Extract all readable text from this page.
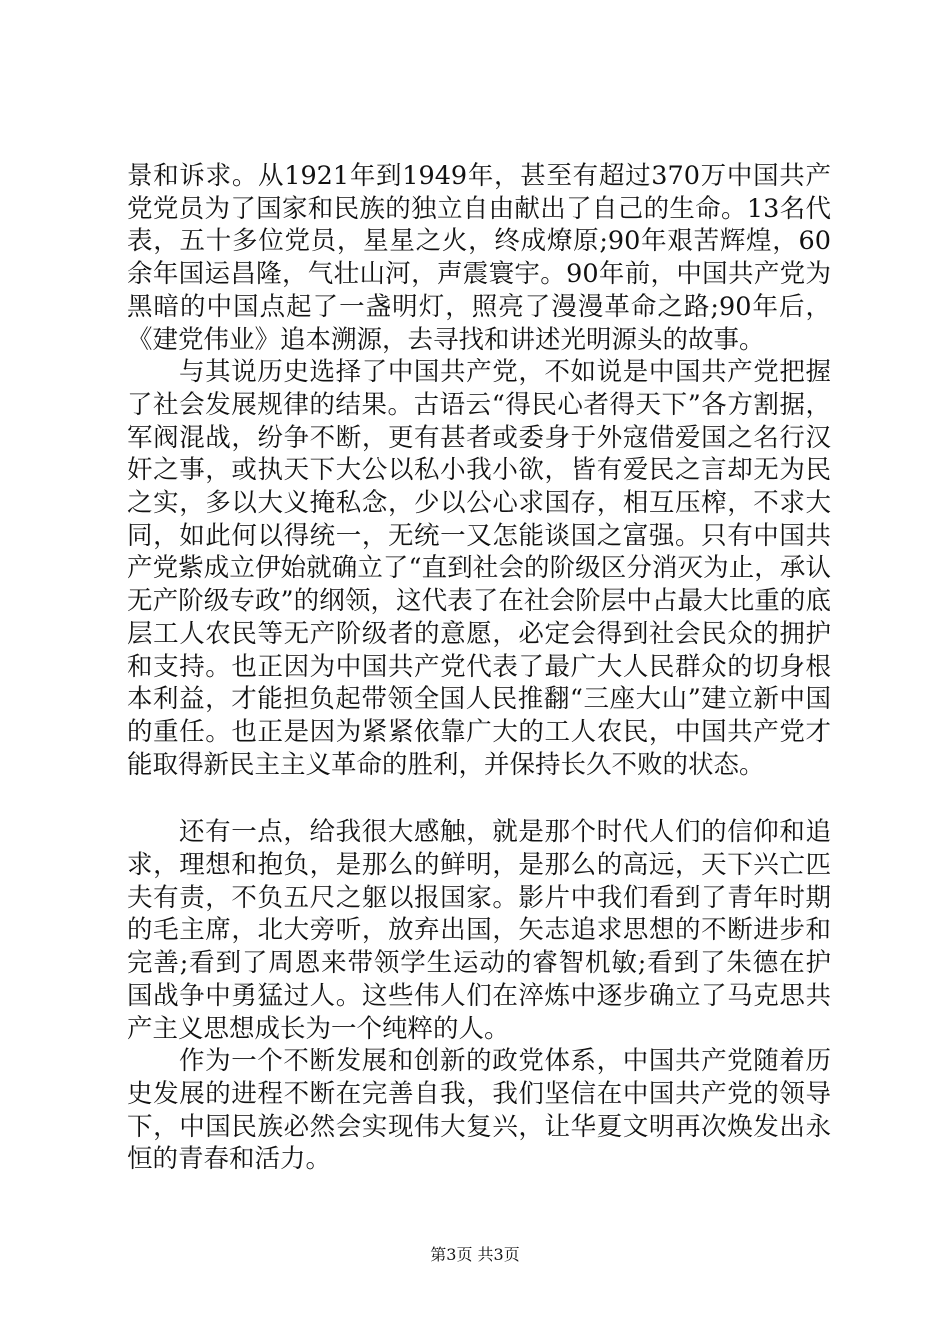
景和诉求。从1921年到1949年，甚至有超过370万中国共产党党员为了国家和民族的独立自由献出了自己的生命。13名代表，五十多位党员，星星之火，终成燎原;90年艰苦辉煌，60余年国运昌隆，气壮山河，声震寰宇。90年前，中国共产党为黑暗的中国点起了一盏明灯，照亮了漫漫革命之路;90年后，《建党伟业》追本溯源，去寻找和讲述光明源头的故事。

与其说历史选择了中国共产党，不如说是中国共产党把握了社会发展规律的结果。古语云“得民心者得天下”各方割据，军阀混战，纷争不断，更有甚者或委身于外寇借爱国之名行汉奸之事，或执天下大公以私小我小欲，皆有爱民之言却无为民之实，多以大义掩私念，少以公心求国存，相互压榨，不求大同，如此何以得统一，无统一又怎能谈国之富强。只有中国共产党紫成立伊始就确立了“直到社会的阶级区分消灭为止，承认无产阶级专政”的纲领，这代表了在社会阶层中占最大比重的底层工人农民等无产阶级者的意愿，必定会得到社会民众的拥护和支持。也正因为中国共产党代表了最广大人民群众的切身根本利益，才能担负起带领全国人民推翻“三座大山”建立新中国的重任。也正是因为紧紧依靠广大的工人农民，中国共产党才能取得新民主主义革命的胜利，并保持长久不败的状态。

还有一点，给我很大感触，就是那个时代人们的信仰和追求，理想和抱负，是那么的鲜明，是那么的高远，天下兴亡匹夫有责，不负五尺之躯以报国家。影片中我们看到了青年时期的毛主席，北大旁听，放弃出国，矢志追求思想的不断进步和完善;看到了周恩来带领学生运动的睿智机敏;看到了朱德在护国战争中勇猛过人。这些伟人们在淬炼中逐步确立了马克思共产主义思想成长为一个纯粹的人。

作为一个不断发展和创新的政党体系，中国共产党随着历史发展的进程不断在完善自我，我们坚信在中国共产党的领导下，中国民族必然会实现伟大复兴，让华夏文明再次焕发出永恒的青春和活力。

第3页 共3页
